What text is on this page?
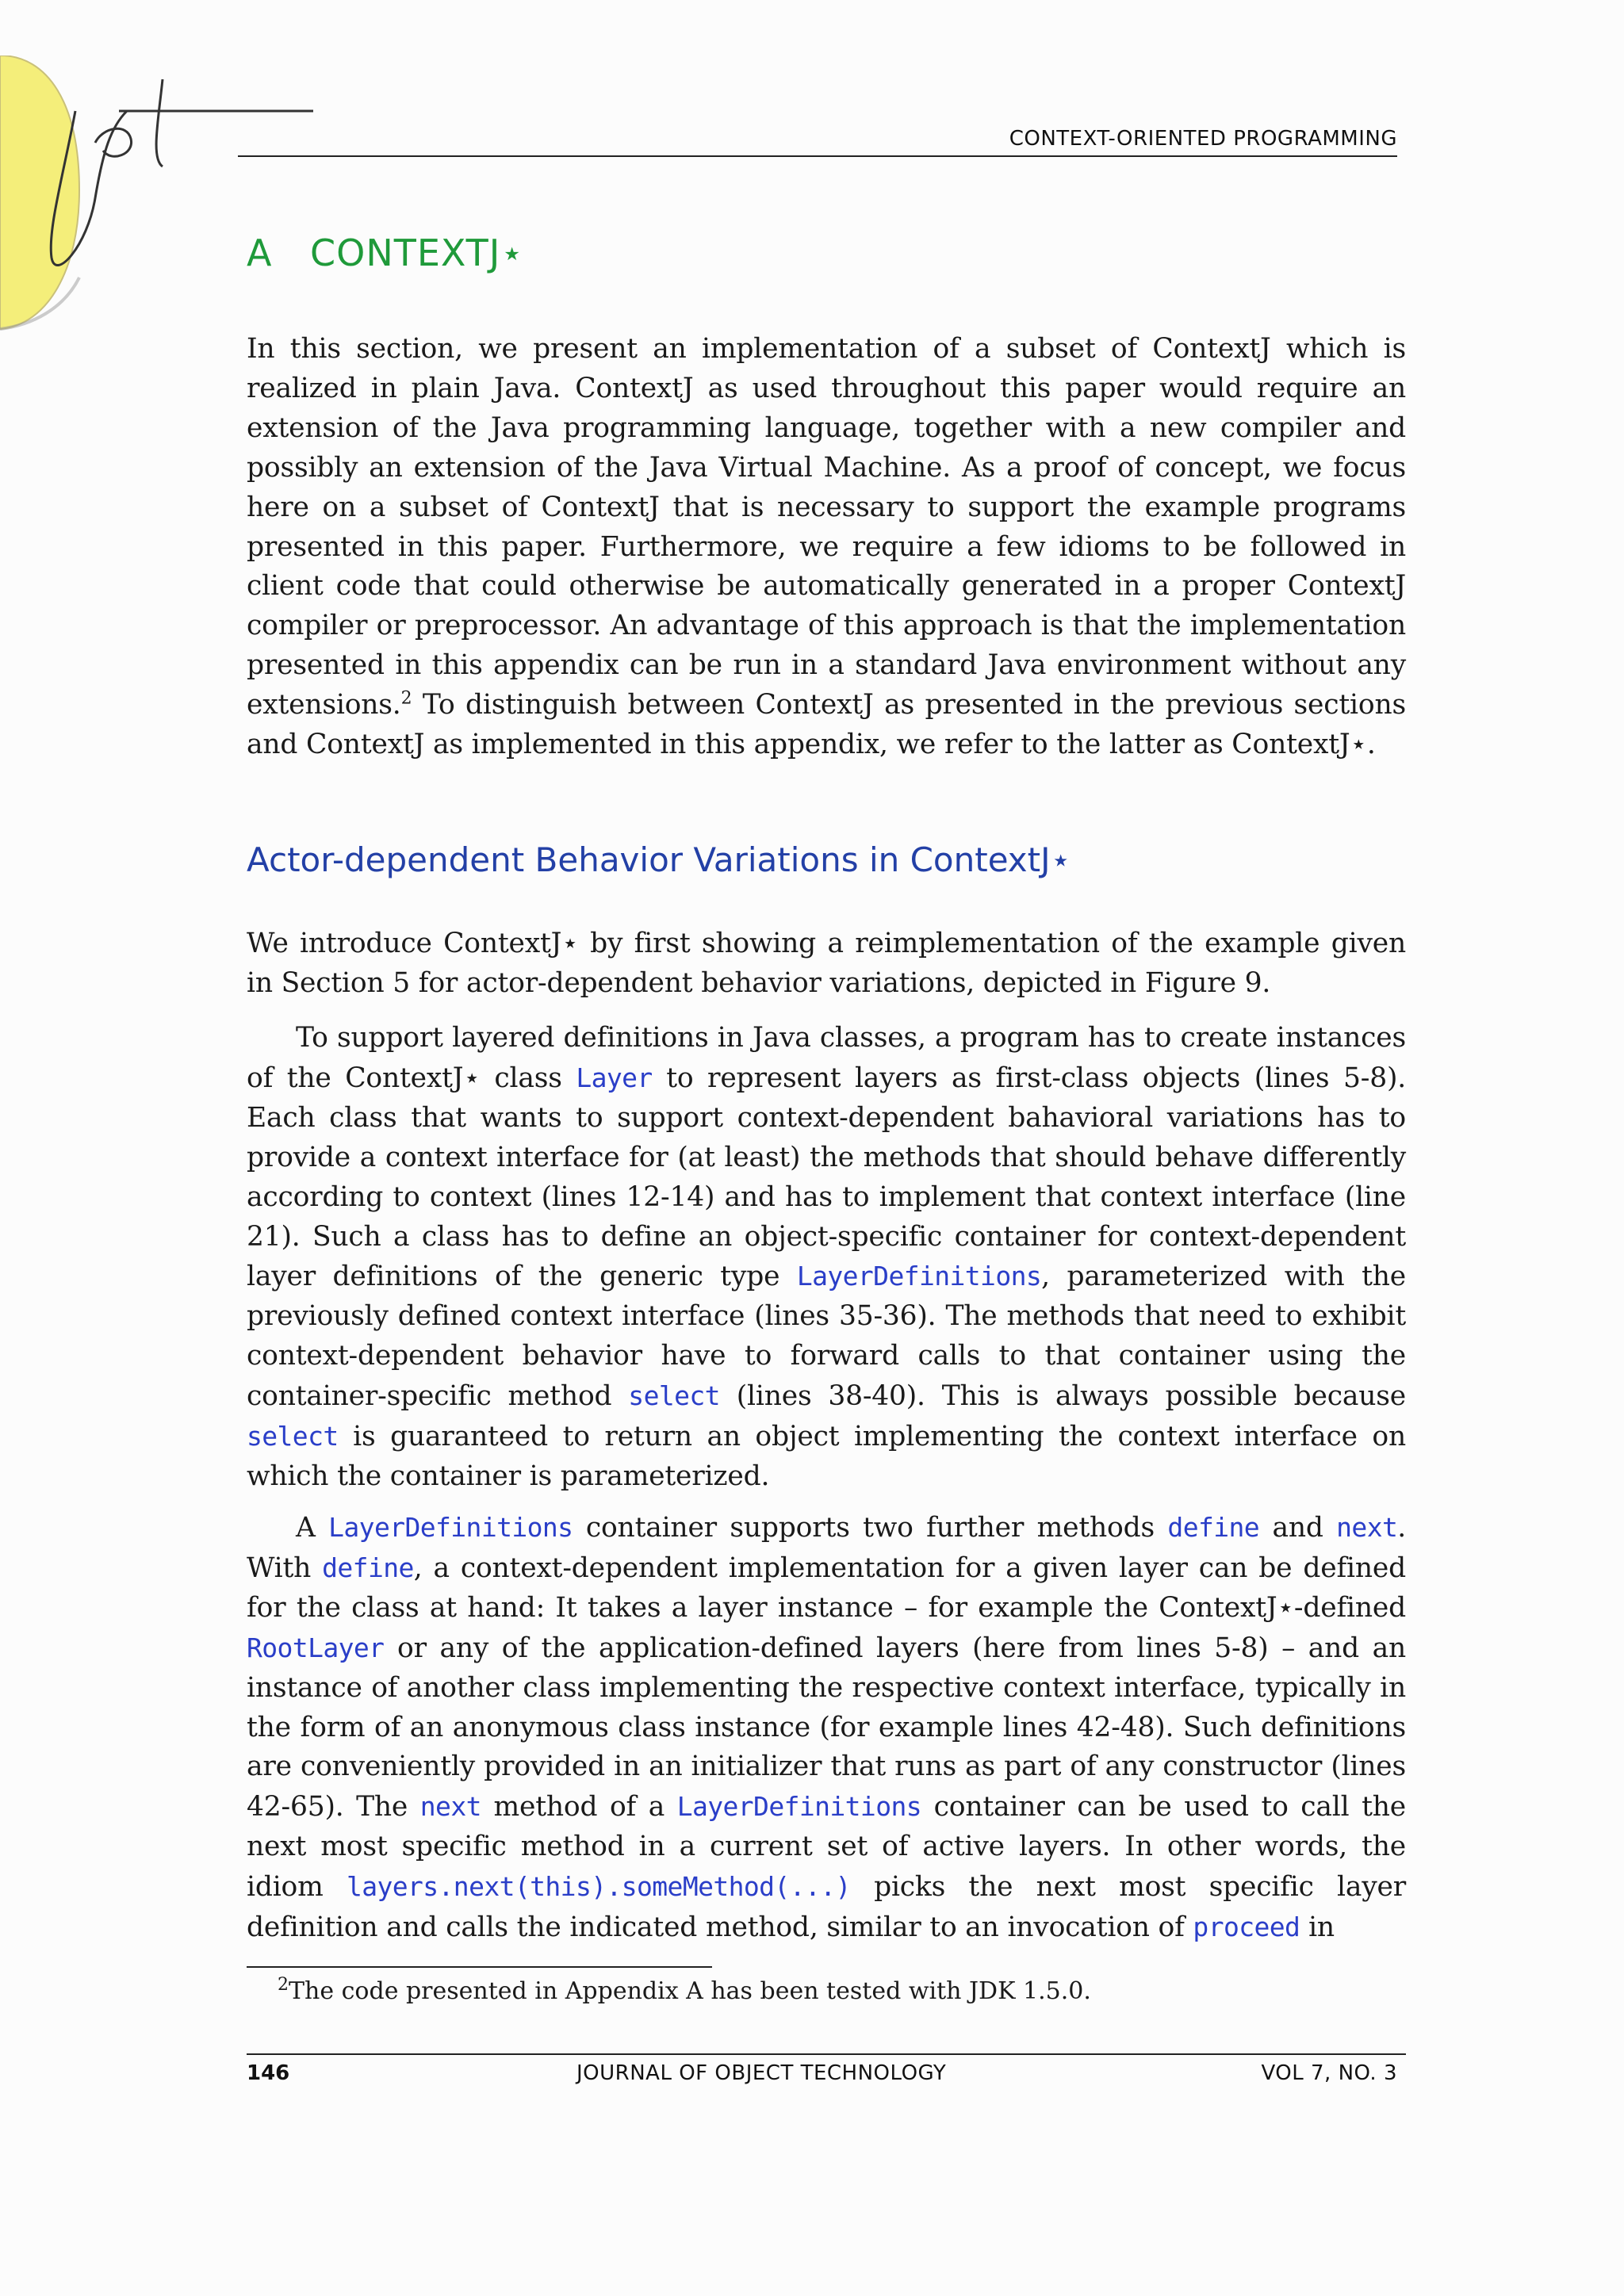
CONTEXT-ORIENTED PROGRAMMING
A CONTEXTJ⋆

In this section, we present an implementation of a subset of ContextJ which is realized in plain Java. ContextJ as used throughout this paper would require an extension of the Java programming language, together with a new compiler and possibly an extension of the Java Virtual Machine. As a proof of concept, we focus here on a subset of ContextJ that is necessary to support the example programs presented in this paper. Furthermore, we require a few idioms to be followed in client code that could otherwise be automatically generated in a proper ContextJ compiler or preprocessor. An advantage of this approach is that the implementation presented in this appendix can be run in a standard Java environment without any extensions.$^2$ To distinguish between ContextJ as presented in the previous sections and ContextJ as implemented in this appendix, we refer to the latter as ContextJ⋆.

Actor-dependent Behavior Variations in ContextJ⋆

We introduce ContextJ⋆ by first showing a reimplementation of the example given in Section 5 for actor-dependent behavior variations, depicted in Figure 9.

To support layered definitions in Java classes, a program has to create instances of the ContextJ⋆ class Layer to represent layers as first-class objects (lines 5-8). Each class that wants to support context-dependent bahavioral variations has to provide a context interface for (at least) the methods that should behave differently according to context (lines 12-14) and has to implement that context interface (line 21). Such a class has to define an object-specific container for context-dependent layer definitions of the generic type LayerDefinitions, parameterized with the previously defined context interface (lines 35-36). The methods that need to exhibit context-dependent behavior have to forward calls to that container using the container-specific method select (lines 38-40). This is always possible because select is guaranteed to return an object implementing the context interface on which the container is parameterized.

A LayerDefinitions container supports two further methods define and next. With define, a context-dependent implementation for a given layer can be defined for the class at hand: It takes a layer instance – for example the ContextJ⋆-defined RootLayer or any of the application-defined layers (here from lines 5-8) – and an instance of another class implementing the respective context interface, typically in the form of an anonymous class instance (for example lines 42-48). Such definitions are conveniently provided in an initializer that runs as part of any constructor (lines 42-65). The next method of a LayerDefinitions container can be used to call the next most specific method in a current set of active layers. In other words, the idiom layers.next(this).someMethod(...) picks the next most specific layer definition and calls the indicated method, similar to an invocation of proceed in

$^2$The code presented in Appendix A has been tested with JDK 1.5.0.
146	JOURNAL OF OBJECT TECHNOLOGY	VOL 7, NO. 3
